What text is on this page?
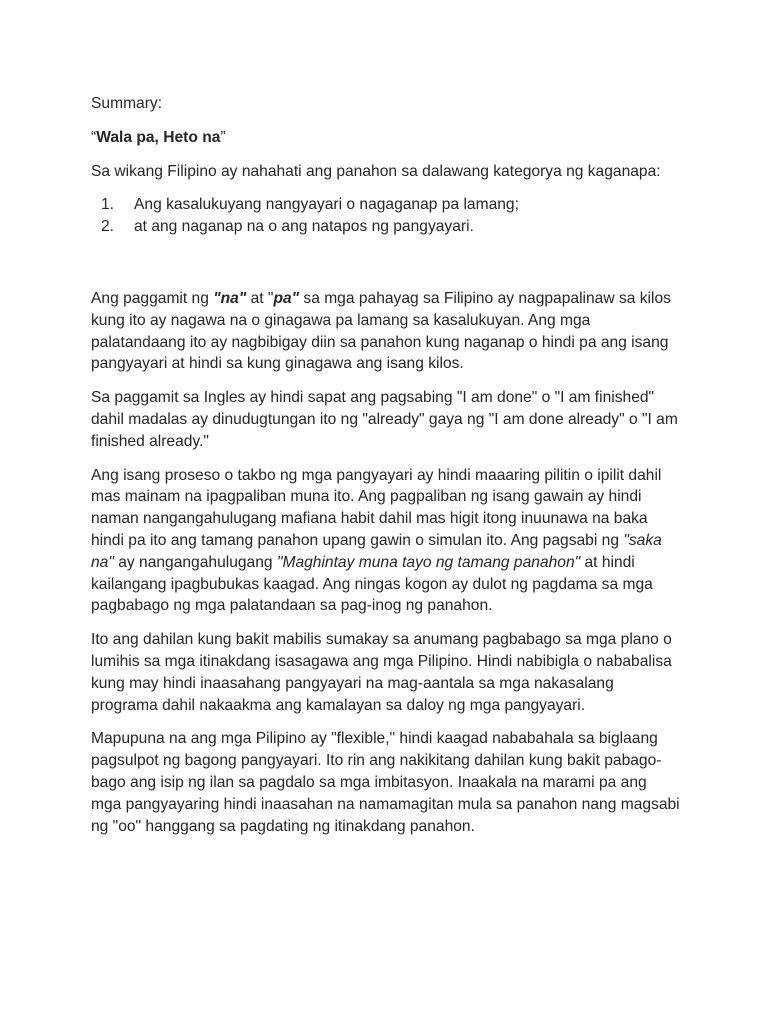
Summary:

“Wala pa, Heto na”

Sa wikang Filipino ay nahahati ang panahon sa dalawang kategorya ng kaganapa:

1. Ang kasalukuyang nangyayari o nagaganap pa lamang;
2. at ang naganap na o ang natapos ng pangyayari.

Ang paggamit ng "na" at "pa" sa mga pahayag sa Filipino ay nagpapalinaw sa kilos kung ito ay nagawa na o ginagawa pa lamang sa kasalukuyan. Ang mga palatandaang ito ay nagbibigay diin sa panahon kung naganap o hindi pa ang isang pangyayari at hindi sa kung ginagawa ang isang kilos.

Sa paggamit sa Ingles ay hindi sapat ang pagsabing "I am done" o "I am finished" dahil madalas ay dinudugtungan ito ng "already" gaya ng "I am done already" o "I am finished already."

Ang isang proseso o takbo ng mga pangyayari ay hindi maaaring pilitin o ipilit dahil mas mainam na ipagpaliban muna ito. Ang pagpaliban ng isang gawain ay hindi naman nangangahulugang mafiana habit dahil mas higit itong inuunawa na baka hindi pa ito ang tamang panahon upang gawin o simulan ito. Ang pagsabi ng "saka na" ay nangangahulugang "Maghintay muna tayo ng tamang panahon" at hindi kailangang ipagbubukas kaagad. Ang ningas kogon ay dulot ng pagdama sa mga pagbabago ng mga palatandaan sa pag-inog ng panahon.

Ito ang dahilan kung bakit mabilis sumakay sa anumang pagbabago sa mga plano o lumihis sa mga itinakdang isasagawa ang mga Pilipino. Hindi nabibigla o nababalisa kung may hindi inaasahang pangyayari na mag-aantala sa mga nakasalang programa dahil nakaakma ang kamalayan sa daloy ng mga pangyayari.

Mapupuna na ang mga Pilipino ay "flexible," hindi kaagad nababahala sa biglaang pagsulpot ng bagong pangyayari. Ito rin ang nakikitang dahilan kung bakit pabago-bago ang isip ng ilan sa pagdalo sa mga imbitasyon. Inaakala na marami pa ang mga pangyayaring hindi inaasahan na namamagitan mula sa panahon nang magsabi ng "oo" hanggang sa pagdating ng itinakdang panahon.
